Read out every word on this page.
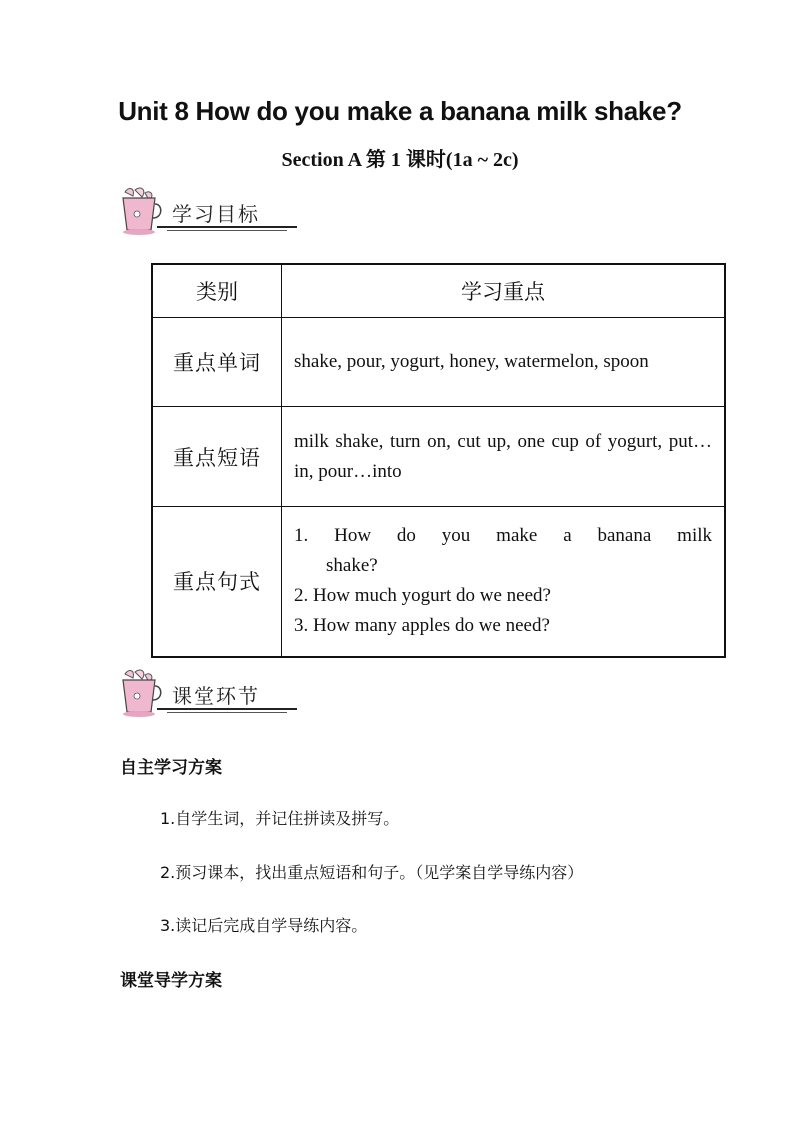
Unit 8 How do you make a banana milk shake?
Section A 第 1 课时(1a ~ 2c)
学习目标
类别	学习重点
重点单词	shake, pour, yogurt, honey, watermelon, spoon
重点短语	milk shake, turn on, cut up, one cup of yogurt, put…in, pour…into
重点句式	1. How do you make a banana milk shake?
2. How much yogurt do we need?
3. How many apples do we need?
课堂环节
自主学习方案
1.自学生词，并记住拼读及拼写。
2.预习课本，找出重点短语和句子。（见学案自学导练内容）
3.读记后完成自学导练内容。
课堂导学方案
